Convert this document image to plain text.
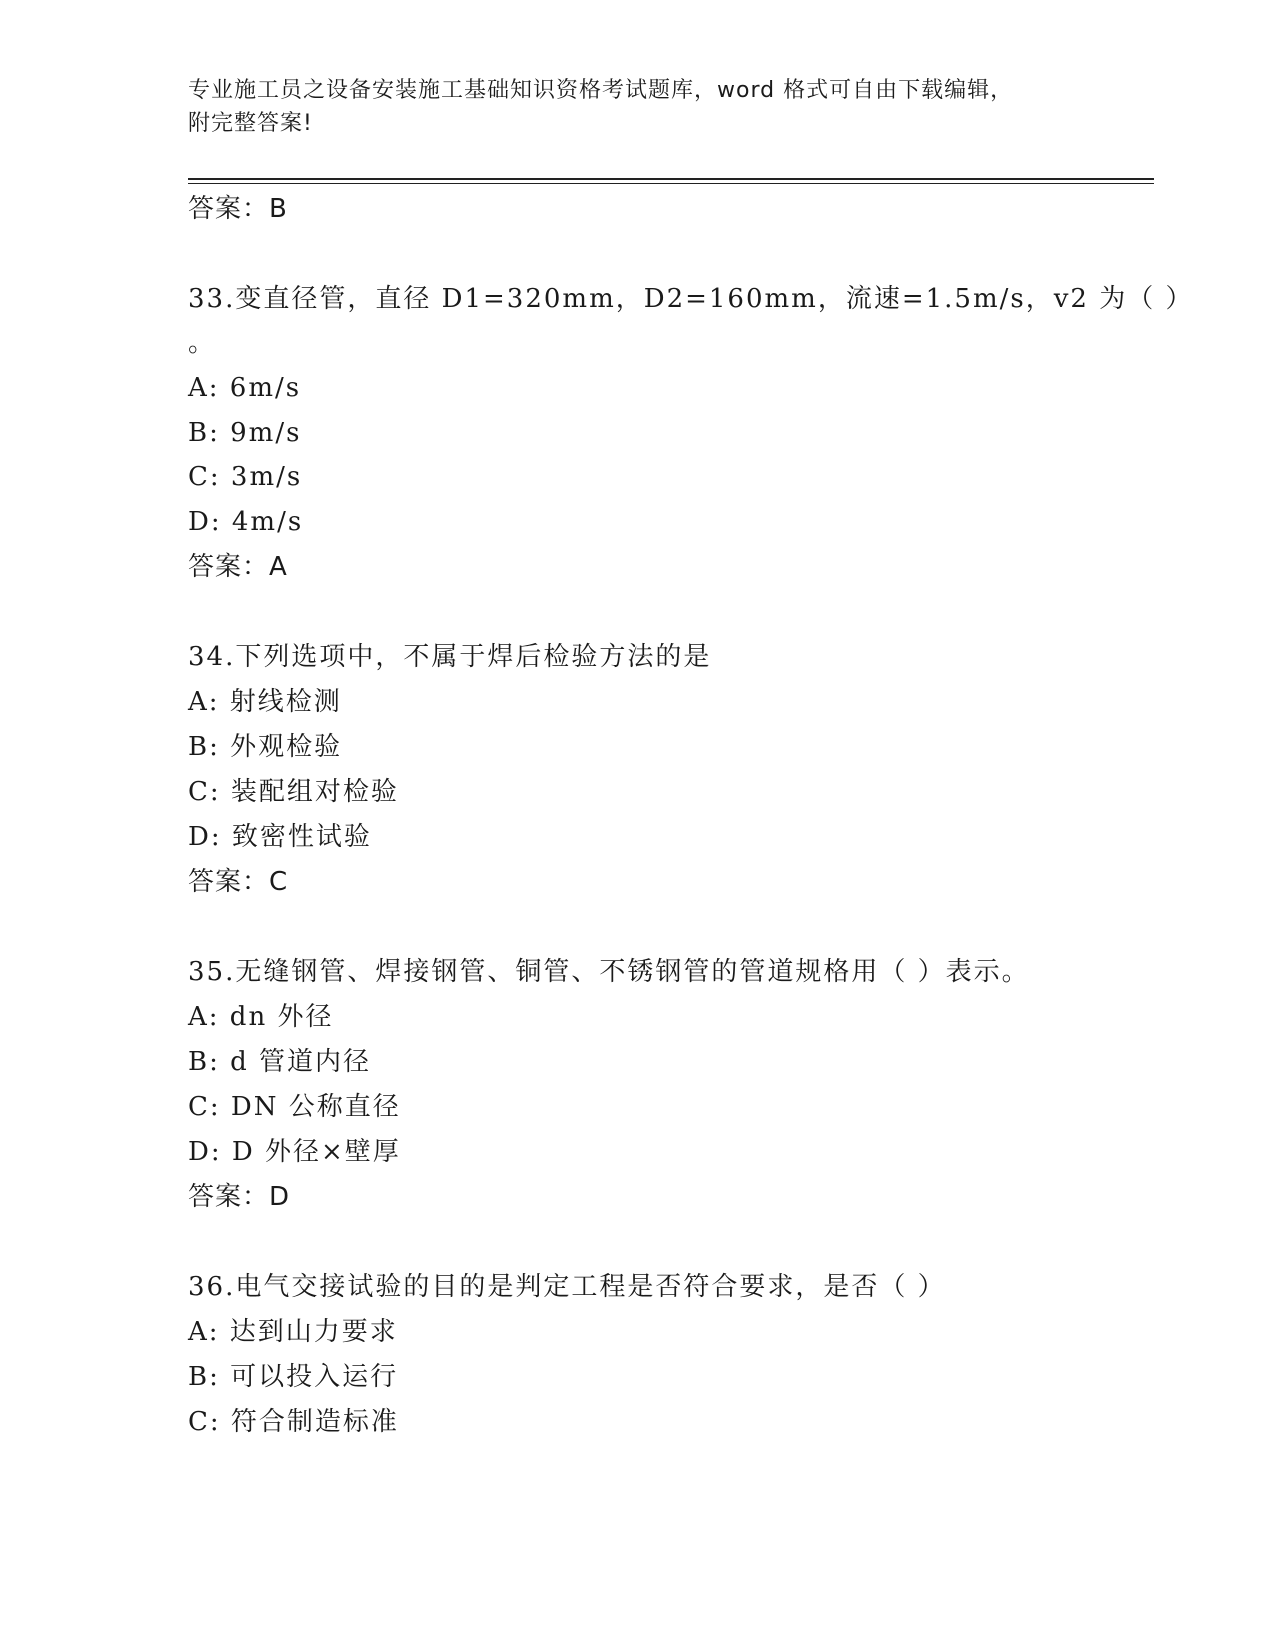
专业施工员之设备安装施工基础知识资格考试题库，word 格式可自由下载编辑，
附完整答案!
答案：B
33.变直径管，直径 D1=320mm，D2=160mm，流速=1.5m/s，v2 为（ ）
。
A: 6m/s
B: 9m/s
C: 3m/s
D: 4m/s
答案：A
34.下列选项中，不属于焊后检验方法的是
A: 射线检测
B: 外观检验
C: 装配组对检验
D: 致密性试验
答案：C
35.无缝钢管、焊接钢管、铜管、不锈钢管的管道规格用（ ）表示。
A: dn 外径
B: d 管道内径
C: DN 公称直径
D: D 外径×壁厚
答案：D
36.电气交接试验的目的是判定工程是否符合要求，是否（ ）
A: 达到山力要求
B: 可以投入运行
C: 符合制造标准
